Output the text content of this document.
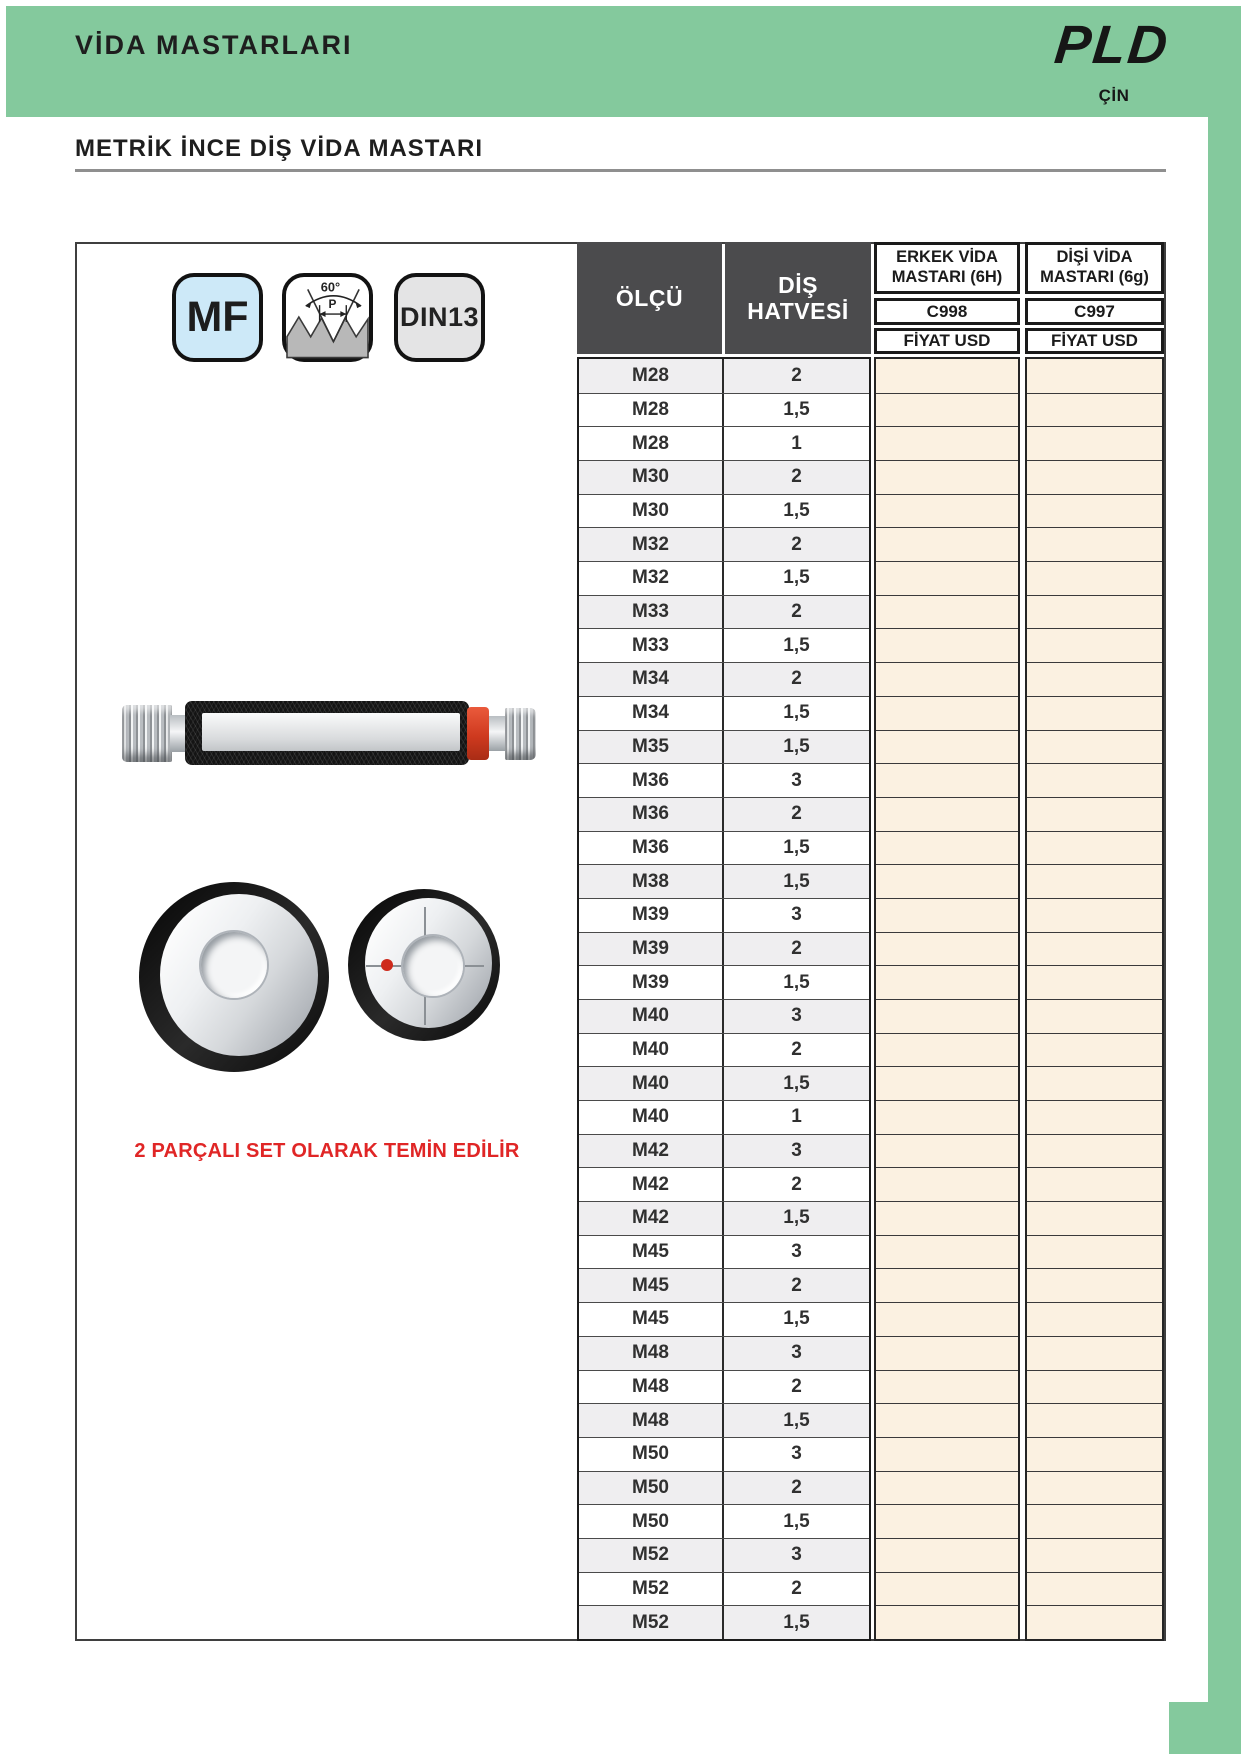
VİDA MASTARLARI	PLD
ÇİN
METRİK İNCE DİŞ VİDA MASTARI
MF
60°
P DIN13
2 PARÇALI SET OLARAK TEMİN EDİLİR
ÖLÇÜ
DİŞ HATVESİ
ERKEK VİDA MASTARI (6H)
C998
FİYAT USD
DİŞİ VİDA MASTARI (6g)
C997
FİYAT USD
M28	2
M28	1,5
M28	1
M30	2
M30	1,5
M32	2
M32	1,5
M33	2
M33	1,5
M34	2
M34	1,5
M35	1,5
M36	3
M36	2
M36	1,5
M38	1,5
M39	3
M39	2
M39	1,5
M40	3
M40	2
M40	1,5
M40	1
M42	3
M42	2
M42	1,5
M45	3
M45	2
M45	1,5
M48	3
M48	2
M48	1,5
M50	3
M50	2
M50	1,5
M52	3
M52	2
M52	1,5
